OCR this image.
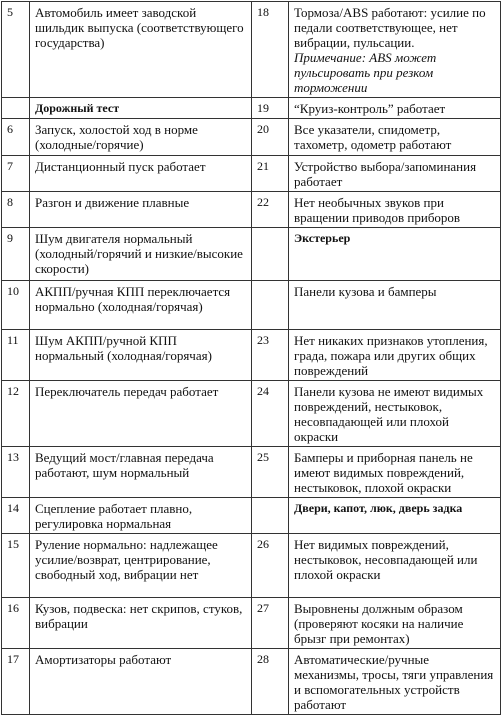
5	Автомобиль имеет заводской шильдик выпуска (соответствующего государства)	18	Тормоза/ABS работают: усилие по педали соответствующее, нет вибрации, пульсации.
Примечание: ABS может пульсировать при резком торможении

	Дорожный тест	19	“Круиз-контроль” работает
6	Запуск, холостой ход в норме (холодные/горячие)	20	Все указатели, спидометр, тахометр, одометр работают
7	Дистанционный пуск работает	21	Устройство выбора/запоминания работает
8	Разгон и движение плавные	22	Нет необычных звуков при вращении приводов приборов
9	Шум двигателя нормальный (холодный/горячий и низкие/высокие скорости)		Экстерьер
10	АКПП/ручная КПП переключается нормально (холодная/горячая)		Панели кузова и бамперы
11	Шум АКПП/ручной КПП нормальный (холодная/горячая)	23	Нет никаких признаков утопления, града, пожара или других общих повреждений
12	Переключатель передач работает	24	Панели кузова не имеют видимых повреждений, нестыковок, несовпадающей или плохой окраски
13	Ведущий мост/главная передача работают, шум нормальный	25	Бамперы и приборная панель не имеют видимых повреждений, нестыковок, плохой окраски
14	Сцепление работает плавно, регулировка нормальная		Двери, капот, люк, дверь задка
15	Руление нормально: надлежащее усилие/возврат, центрирование, свободный ход, вибрации нет	26	Нет видимых повреждений, нестыковок, несовпадающей или плохой окраски
16	Кузов, подвеска: нет скрипов, стуков, вибрации	27	Выровнены должным образом (проверяют косяки на наличие брызг при ремонтах)
17	Амортизаторы работают	28	Автоматические/ручные механизмы, тросы, тяги управления и вспомогательных устройств работают
